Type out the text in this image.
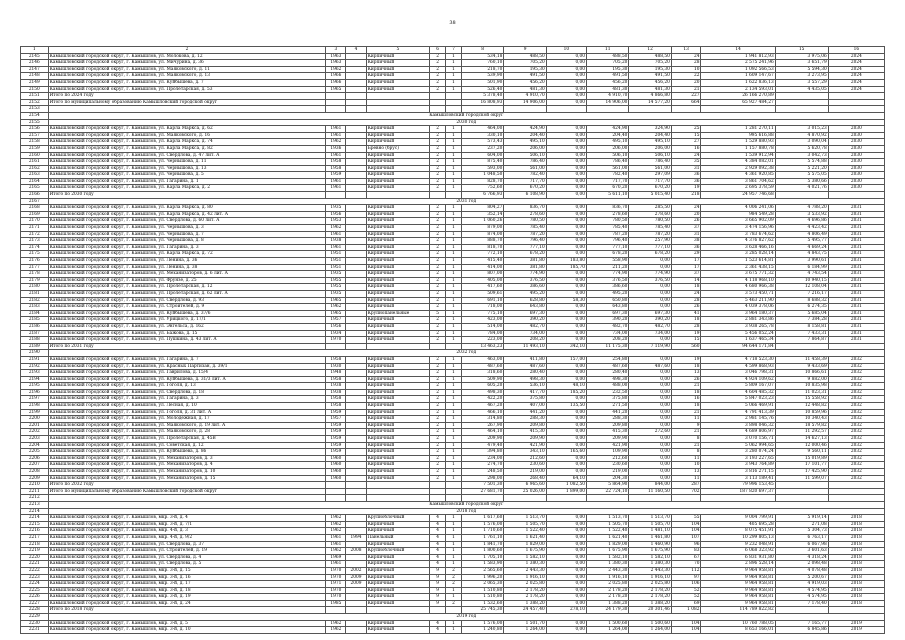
38
1	2	3	4	5	6	7	8	9	10	11	12	13	14	15	16
2145	Камышловский городской округ, г. Камышлов, ул. Молокова, д. 12	1963		Кирпичный	2	1	534,18	488,50	0,00	488,50	488,50	24	1 941 812,93	3 975,06	2024
2146	Камышловский городской округ, г. Камышлов, ул. Мичурина, д. 36	1963		Кирпичный	2	1	760,10	705,20	0,00	705,20	705,20	28	2 575 241,96	3 651,79	2024
2147	Камышловский городской округ, г. Камышлов, ул. Маяковского, д. 11	1962		Кирпичный	2	1	218,70	195,30	0,00	195,30	195,30	10	1 092 566,53	5 594,30	2024
2148	Камышловский городской округ, г. Камышлов, ул. Маяковского, д. 13	1966		Кирпичный	2	1	539,90	491,50	0,00	491,50	491,50	22	1 609 147,67	3 273,95	2024
2149	Камышловский городской округ, г. Камышлов, ул. Куйбышева, д. 7	1966		Кирпичный	2	1	501,90	456,20	0,00	456,20	456,20	20	1 622 836,13	3 557,29	2024
2150	Камышловский городской округ, г. Камышлов, ул. Пролетарская, д. 53	1965		Кирпичный	2	1	526,40	481,30	0,00	481,30	481,30	21	2 134 593,01	4 435,05	2024
2151	Итого по 2024 году						5 378,40	4 910,70	0,00	4 910,70	4 866,80	227	26 166 270,89		
2152	Итого по муниципальному образованию Камышловский городской округ						16 808,93	14 906,00	0,00	14 906,00	14 577,20	664	65 927 484,27		
2153															
2154	Камышловский городской округ														
2155	2030 год														
2156	Камышловский городской округ, г. Камышлов, ул. Карла Маркса, д. 62	1961		Кирпичный	2	1	464,00	424,90	0,00	424,90	324,90	25	1 281 270,11	3 015,23	2030
2157	Камышловский городской округ, г. Камышлов, ул. Маяковского, д. 16	1961		Кирпичный	2	1	330,10	204,40	0,00	204,40	204,40	15	995 616,88	4 870,92	2030
2158	Камышловский городской округ, г. Камышлов, ул. Карла Маркса, д. 74	1962		Кирпичный	2	1	573,43	495,10	0,00	495,10	495,10	27	1 529 880,93	3 090,04	2030
2159	Камышловский городской округ, г. Камышлов, ул. Карла Маркса, д. 82	1936		Бревно (брус)	2	1	237,20	206,00	0,00	206,00	206,00	16	1 157 880,78	5 620,78	2030
2160	Камышловский городской округ, г. Камышлов, ул. Свердлова, д. 47 лит. А	1961		Кирпичный	2	1	604,00	506,10	0,00	506,10	506,10	24	1 539 912,94	3 042,73	2030
2161	Камышловский городской округ, г. Камышлов, ул. Чернышова, д. 11	1958		Кирпичный	2	1	875,40	786,40	0,00	786,40	786,40	35	4 384 082,01	5 574,88	2030
2162	Камышловский городской округ, г. Камышлов, ул. Чернышова, д. 13	1958		Кирпичный	2	1	593,00	561,00	0,00	561,00	561,00	31	2 929 092,38	5 221,20	2030
2163	Камышловский городской округ, г. Камышлов, ул. Чернышова, д. 5	1959		Кирпичный	2	1	1 048,50	782,40	0,00	782,40	297,09	36	4 361 920,85	5 575,05	2030
2164	Камышловский городской округ, г. Камышлов, ул. Гагарина, д. 1	1961		Кирпичный	2	1	828,70	717,70	0,00	717,70	717,70	36	3 861 704,62	5 380,66	2030
2165	Камышловский городской округ, г. Камышлов, ул. Карла Маркса, д. 2	1961		Кирпичный	2	1	752,60	670,20	0,00	670,20	670,20	19	2 695 378,59	4 021,76	2030
2166	Итого по 2030 году						6 766,93	6 108,90	0,00	5 611,10	5 015,40	218	24 957 746,68		
2167	2031 год														
2168	Камышловский городской округ, г. Камышлов, ул. Карла Маркса, д. 80	1935		Кирпичный	2	1	804,27	836,70	0,00	836,70	285,50	24	4 006 241,06	4 788,20	2031
2169	Камышловский городской округ, г. Камышлов, ул. Карла Маркса, д. 42 лит. А	1956		Кирпичный	2	1	352,14	278,60	0,00	278,60	278,60	20	984 549,28	3 533,92	2031
2170	Камышловский городской округ, г. Камышлов, ул. Свердлова, д. 60 лит. А	1953		Кирпичный	2	1	1 060,26	780,50	0,00	780,50	780,50	26	3 665 902,09	4 696,86	2031
2171	Камышловский городской округ, г. Камышлов, ул. Чернышова, д. 3	1962		Кирпичный	2	1	879,00	785,40	0,00	785,40	785,40	37	3 474 156,96	4 423,42	2031
2172	Камышловский городской округ, г. Камышлов, ул. Чернышова, д. 7	1961		Кирпичный	2	1	874,00	787,20	0,00	787,20	787,20	31	3 783 674,62	4 806,49	2031
2173	Камышловский городской округ, г. Камышлов, ул. Чернышова, д. 8	1938		Кирпичный	2	1	888,70	796,40	0,00	796,40	257,90	38	4 376 827,62	5 495,77	2031
2174	Камышловский городской округ, г. Камышлов, ул. Гагарина, д. 3	1961		Кирпичный	2	1	818,70	777,10	0,00	777,10	777,10	36	3 628 466,16	4 669,24	2031
2175	Камышловский городской округ, г. Камышлов, ул. Карла Маркса, д. 72	1951		Кирпичный	2	1	772,10	678,20	0,00	678,20	678,20	29	3 285 028,14	4 843,75	2031
2176	Камышловский городской округ, г. Камышлов, ул. Ленина, д. 36	1951		Кирпичный	2	1	415,40	381,80	183,80	558,90	0,00	17	1 523 614,81	3 990,61	2031
2177	Камышловский городской округ, г. Камышлов, ул. Ленина, д. 38	1951		Кирпичный	2	1	414,00	381,80	185,70	211,20	0,00	17	2 361 438,15	6 184,99	2031
2178	Камышловский городской округ, г. Камышлов, ул. Механизаторов, д. 6 лит. А	1935		Кирпичный	2	1	807,00	774,90	0,00	774,90	774,90	37	3 675 771,32	4 743,54	2031
2179	Камышловский городской округ, г. Камышлов, ул. Фрунзе, д. 25	1955		Кирпичный	2	1	405,00	376,50	0,00	376,50	376,50	14	4 118 968,10	10 940,15	2031
2180	Камышловский городской округ, г. Камышлов, ул. Пролетарская, д. 12	1955		Кирпичный	2	1	417,60	386,60	0,00	386,60	0,00	18	4 680 966,38	12 108,04	2031
2181	Камышловский городской округ, г. Камышлов, ул. Пролетарская, д. 62 лит. А	1935		Кирпичный	2	1	509,61	495,20	0,00	495,20	0,00	24	3 573 450,71	7 216,17	2031
2182	Камышловский городской округ, г. Камышлов, ул. Свердлова, д. 93	1965		Кирпичный	2	1	691,10	628,80	58,30	650,80	0,00	28	5 463 211,90	8 688,32	2031
2183	Камышловский городской округ, г. Камышлов, ул. Строителей, д. 9	1962		Кирпичный	2	1	718,00	643,80	0,00	643,80	0,00	26	4 039 378,06	6 274,35	2031
2184	Камышловский городской округ, г. Камышлов, ул. Куйбышева, д. 37/6	1965		Крупнопанельные	5	1	775,10	697,30	0,00	697,30	697,30	41	3 964 180,37	5 685,04	2031
2185	Камышловский городской округ, г. Камышлов, ул. Урицкого, д. 17/1	1957		Кирпичный	2	1	423,00	390,20	0,00	390,20	390,20	18	2 881 343,86	7 384,28	2031
2186	Камышловский городской округ, г. Камышлов, ул. Энгельса, д. 162	1956		Кирпичный	2	1	514,00	482,70	0,00	482,70	482,70	28	3 938 265,78	8 158,81	2031
2187	Камышловский городской округ, г. Камышлов, ул. Бажова, д. 15	1934		Кирпичный	2	1	784,00	734,00	0,00	734,00	734,00	19	5 456 052,24	7 433,31	2031
2188	Камышловский городской округ, г. Камышлов, ул. Пушкина, д. 43 лит. А	1970		Кирпичный	2	1	223,00	208,20	0,00	208,20	0,00	15	1 637 465,34	7 864,87	2031
2189	Итого по 2031 году						13 463,23	11 493,10	342,10	11 175,30	7 119,90	560	94 644 171,84		
2190	2032 год														
2191	Камышловский городской округ, г. Камышлов, ул. Гагарина, д. 7	1958		Кирпичный	2	1	463,00	411,80	157,00	254,80	0,00	19	4 718 523,30	11 458,39	2032
2192	Камышловский городской округ, г. Камышлов, ул. Красных Партизан, д. 39/1	1930		Кирпичный	2	1	487,60	487,60	0,00	487,60	487,60	18	4 599 868,93	9 433,69	2032
2193	Камышловский городской округ, г. Камышлов, ул. Гаврилова, д. 15/4	1948		Кирпичный	2	1	318,60	280,40	0,00	280,40	0,00	13	3 046 798,31	10 866,61	2032
2194	Камышловский городской округ, г. Камышлов, ул. Куйбышева, д. 31/3 лит. А	1958		Кирпичный	2	1	509,90	498,30	0,00	498,30	0,00	26	4 924 109,62	9 882,00	2032
2195	Камышловский городской округ, г. Камышлов, ул. Гоголя, д. 13	1938		Кирпичный	2	1	605,20	536,10	48,10	488,00	0,00	21	5 809 167,07	10 835,98	2032
2196	Камышловский городской округ, г. Камышлов, ул. Свердлова, д. 18	1938		Кирпичный	2	1	498,30	417,70	185,20	232,50	0,00	18	4 604 485,32	11 023,31	2032
2197	Камышловский городской округ, г. Камышлов, ул. Гагарина, д. 3	1958		Кирпичный	2	1	422,20	375,80	0,00	375,80	0,00	16	5 847 023,23	15 558,92	2032
2198	Камышловский городской округ, г. Камышлов, ул. Лесная, д. 10	1958		Кирпичный	2	1	467,20	407,00	135,50	271,50	0,00	18	5 066 469,91	12 448,82	2032
2199	Камышловский городской округ, г. Камышлов, ул. Гоголя, д. 31 лит. А	1959		Кирпичный	2	1	466,10	441,20	0,00	441,20	0,00	21	4 791 413,39	10 859,96	2032
2200	Камышловский городской округ, г. Камышлов, ул. Молодёжная, д. 17	1957		Кирпичный	2	1	314,80	288,30	0,00	288,30	0,00	11	2 981 145,76	10 340,43	2032
2201	Камышловский городской округ, г. Камышлов, ул. Маяковского, д. 19 лит. А	1959		Кирпичный	2	1	267,90	209,80	0,00	209,80	0,00	9	3 898 046,32	18 579,82	2032
2202	Камышловский городской округ, г. Камышлов, ул. Маяковского, д. 28	1959		Кирпичный	2	1	464,10	415,30	0,00	415,30	272,60	21	4 689 806,97	11 292,57	2032
2203	Камышловский городской округ, г. Камышлов, ул. Пролетарская, д. 45В	1959		Кирпичный	2	1	209,90	209,90	0,00	209,90	0,00	8	3 070 156,71	14 627,13	2032
2204	Камышловский городской округ, г. Камышлов, ул. Советская, д. 12	1959		Кирпичный	2	1	479,40	421,90	0,00	421,90	0,00	21	5 062 994,65	12 000,46	2032
2205	Камышловский городской округ, г. Камышлов, ул. Куйбышева, д. 86	1959		Кирпичный	2	1	394,80	343,10	165,60	109,90	0,00	8	3 280 074,24	9 560,11	2032
2206	Камышловский городской округ, г. Камышлов, ул. Механизаторов, д. 3	1960		Кирпичный	2	1	234,00	212,60	0,00	212,60	0,00	11	3 193 227,65	15 019,89	2032
2207	Камышловский городской округ, г. Камышлов, ул. Механизаторов, д. 4	1960		Кирпичный	2	1	274,70	230,60	0,00	230,60	0,00	10	3 943 764,89	17 101,77	2032
2208	Камышловский городской округ, г. Камышлов, ул. Механизаторов, д. 10	1960		Кирпичный	2	1	248,50	219,00	0,00	219,00	0,00	13	3 816 271,15	17 425,90	2032
2209	Камышловский городской округ, г. Камышлов, ул. Механизаторов, д. 15	1960		Кирпичный	2	1	298,00	268,40	64,10	204,30	0,00	11	3 113 189,41	11 599,07	2032
2210	Итого по 2032 году						7 501,30	6 965,60	1 082,50	5 864,90	844,00	287	79 996 153,45		
2211	Итого по муниципальному образованию Камышловский городской округ						27 681,70	25 026,00	1 899,00	22 724,10	11 160,50	702	187 820 697,37		
2212															
2213	Камышловский городской округ														
2214	2018 год														
2214	Камышловский городской округ, г. Камышлов, мкр. 3-й, д. 4	1962		Крупноблочный	4	1	1 617,60	1 513,70	0,00	1 513,70	1 513,70	55	9 004 799,91	5 919,14	2018
2215	Камышловский городской округ, г. Камышлов, мкр. 3-й, д. 7/1	1962		Кирпичный	4	1	1 576,00	1 505,70	0,00	1 505,70	1 505,70	104	405 695,28	271,08	2018
2216	Камышловский городской округ, г. Камышлов, мкр. 4-й, д. 3	1962		Кирпичный	4	1	1 710,60	1 522,40	0,00	1 522,40	1 481,10	104	8 075 451,91	5 304,73	2018
2217	Камышловский городской округ, г. Камышлов, мкр. 4-й, д. 9/2	1961	1994	Панельный	4	1	1 761,10	1 621,40	0,00	1 621,40	1 461,80	107	10 299 805,13	6 763,17	2018
2218	Камышловский городской округ, г. Камышлов, ул. Свердлова, д. 37	1961		Кирпичный	4	1	1 841,70	1 829,00	0,00	1 829,00	1 460,90	96	9 232 048,91	6 067,98	2018
2219	Камышловский городской округ, г. Камышлов, ул. Строителей, д. 19	1962	2008	Крупноблочный	4	1	1 800,60	1 675,90	0,00	1 675,90	1 675,90	83	6 068 323,92	3 601,63	2018
2220	Камышловский городской округ, г. Камышлов, ул. Свердлова, д. 4	1969		Кирпичный	4	1	1 705,10	1 582,10	0,00	1 582,10	1 582,10	67	6 831 931,80	4 318,24	2018
2221	Камышловский городской округ, г. Камышлов, ул. Свердлова, д. 5	1961		Кирпичный	4	1	1 583,90	1 380,30	0,00	1 380,30	1 380,30	70	2 896 528,14	2 098,48	2018
2222	Камышловский городской округ, г. Камышлов, мкр. 3-й, д. 15	1970	2002	Кирпичный	9	2	2 565,60	2 443,30	0,00	2 443,30	2 443,30	112	9 964 958,81	4 078,48	2018
2223	Камышловский городской округ, г. Камышлов, мкр. 3-й, д. 16	1970	2009	Кирпичный	9	2	1 996,20	1 916,10	0,00	1 916,10	1 916,10	97	9 964 958,81	5 200,67	2018
2224	Камышловский городской округ, г. Камышлов, мкр. 3-й, д. 17	1971	2009	Кирпичный	9	2	2 065,30	2 025,80	0,00	2 025,80	2 025,80	106	9 964 958,81	4 919,03	2018
2225	Камышловский городской округ, г. Камышлов, мкр. 3-й, д. 18	1970		Кирпичный	9	1	1 510,80	2 178,20	0,00	2 178,20	2 178,20	52	9 964 958,81	4 574,95	2018
2226	Камышловский городской округ, г. Камышлов, мкр. 3-й, д. 19	1970		Кирпичный	9	1	1 510,80	2 178,20	0,00	2 178,20	2 178,20	52	9 964 958,81	4 574,95	2018
2227	Камышловский городской округ, г. Камышлов, мкр. 3-й, д. 24	1985		Кирпичный	9	2	1 532,60	1 388,20	0,00	1 388,20	1 388,20	69	9 964 958,81	7 178,40	2018
2228	Итого по 2018 году						25 745,30	24 457,40	278,10	24 179,30	20 301,46	1 082	114 789 822,82		
2229	2019 год														
2230	Камышловский городской округ, г. Камышлов, мкр. 3-й, д. 5	1962		Кирпичный	4	1	1 576,00	1 501,70	0,00	1 500,60	1 500,60	104	10 760 788,05	7 165,77	2019
2231	Камышловский городской округ, г. Камышлов, мкр. 3-й, д. 10	1962		Кирпичный	4	1	1 240,80	1 264,00	0,00	1 264,00	1 264,00	104	8 653 166,01	6 845,86	2019
